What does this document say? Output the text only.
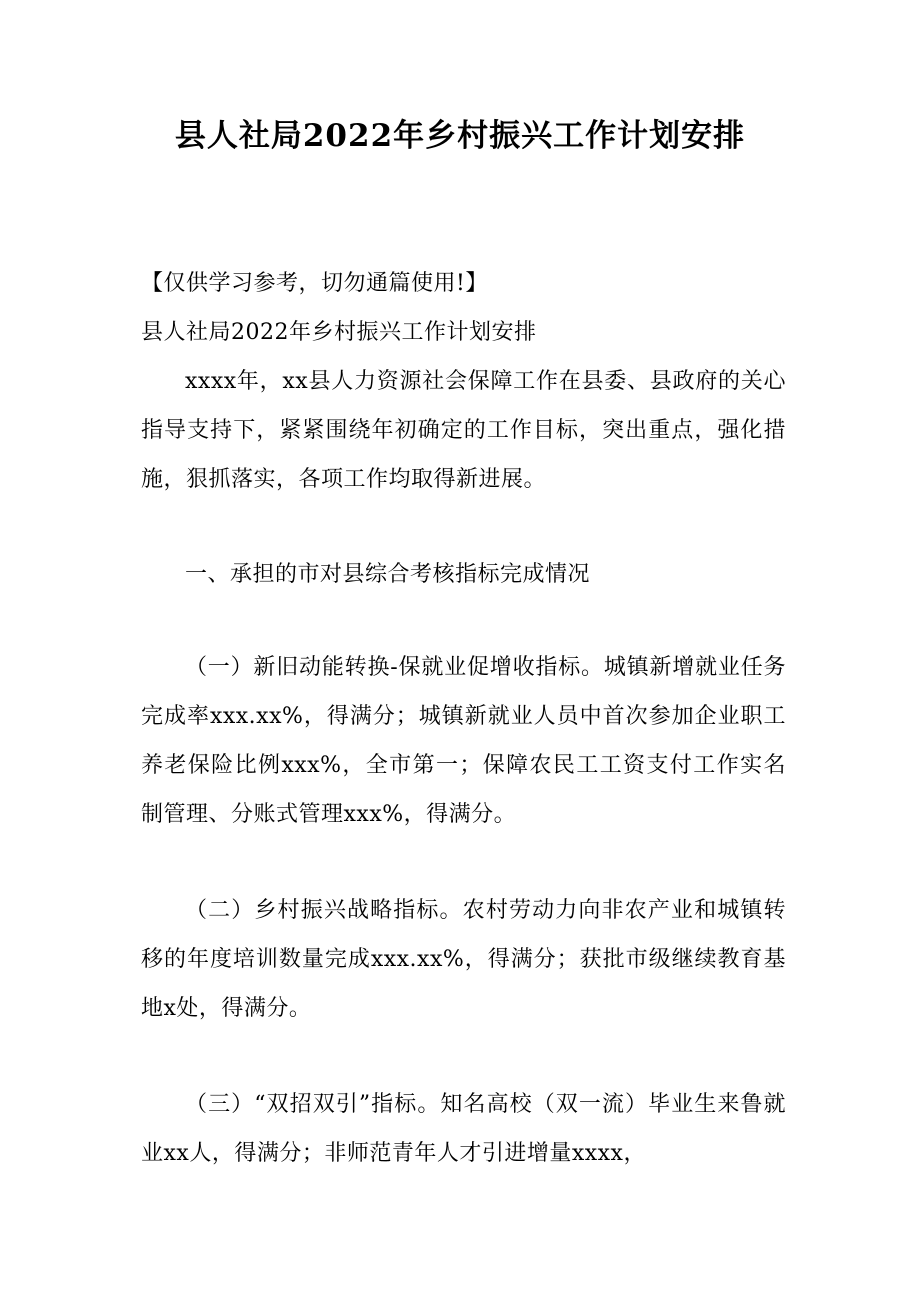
县人社局2022年乡村振兴工作计划安排

【仅供学习参考，切勿通篇使用!】

县人社局2022年乡村振兴工作计划安排

xxxx年，xx县人力资源社会保障工作在县委、县政府的关心指导支持下，紧紧围绕年初确定的工作目标，突出重点，强化措施，狠抓落实，各项工作均取得新进展。

一、承担的市对县综合考核指标完成情况

（一）新旧动能转换-保就业促增收指标。城镇新增就业任务完成率xxx.xx%，得满分；城镇新就业人员中首次参加企业职工养老保险比例xxx%，全市第一；保障农民工工资支付工作实名制管理、分账式管理xxx%，得满分。

（二）乡村振兴战略指标。农村劳动力向非农产业和城镇转移的年度培训数量完成xxx.xx%，得满分；获批市级继续教育基地x处，得满分。

（三）“双招双引”指标。知名高校（双一流）毕业生来鲁就业xx人，得满分；非师范青年人才引进增量xxxx，
